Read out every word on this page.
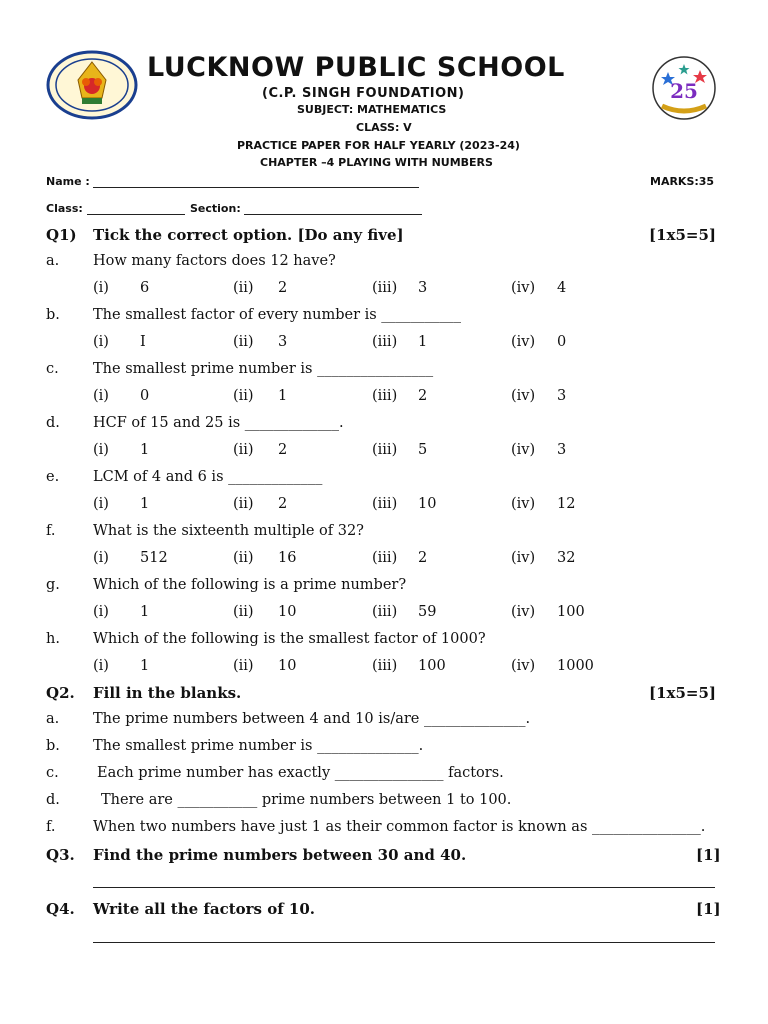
LUCKNOW PUBLIC SCHOOL
(C.P. SINGH FOUNDATION)
SUBJECT: MATHEMATICS
CLASS: V
PRACTICE PAPER FOR HALF YEARLY (2023-24)
CHAPTER –4 PLAYING WITH NUMBERS
25
Name :	MARKS:35
Class:	Section:
Q1) Tick the correct option. [Do any five]	[1x5=5]
a. How many factors does 12 have?
(i) 6	(ii) 2	(iii) 3	(iv) 4
b. The smallest factor of every number is ___________
(i) I	(ii) 3	(iii) 1	(iv) 0
c. The smallest prime number is ________________
(i) 0	(ii) 1	(iii) 2	(iv) 3
d. HCF of 15 and 25 is _____________.
(i) 1	(ii) 2	(iii) 5	(iv) 3
e. LCM of 4 and 6 is _____________
(i) 1	(ii) 2	(iii) 10	(iv) 12
f.	What is the sixteenth multiple of 32?
(i) 512	(ii) 16	(iii) 2	(iv) 32
g. Which of the following is a prime number?
(i) 1	(ii) 10	(iii) 59	(iv) 100
h. Which of the following is the smallest factor of 1000?
(i) 1	(ii) 10	(iii) 100	(iv) 1000
Q2. Fill in the blanks.	[1x5=5]
a. The prime numbers between 4 and 10 is/are ______________.
b. The smallest prime number is ______________.
c.	Each prime number has exactly _______________ factors.
d.	There are ___________ prime numbers between 1 to 100.
f.	When two numbers have just 1 as their common factor is known as _______________.
Q3. Find the prime numbers between 30 and 40.	[1]
Q4. Write all the factors of 10.	[1]
